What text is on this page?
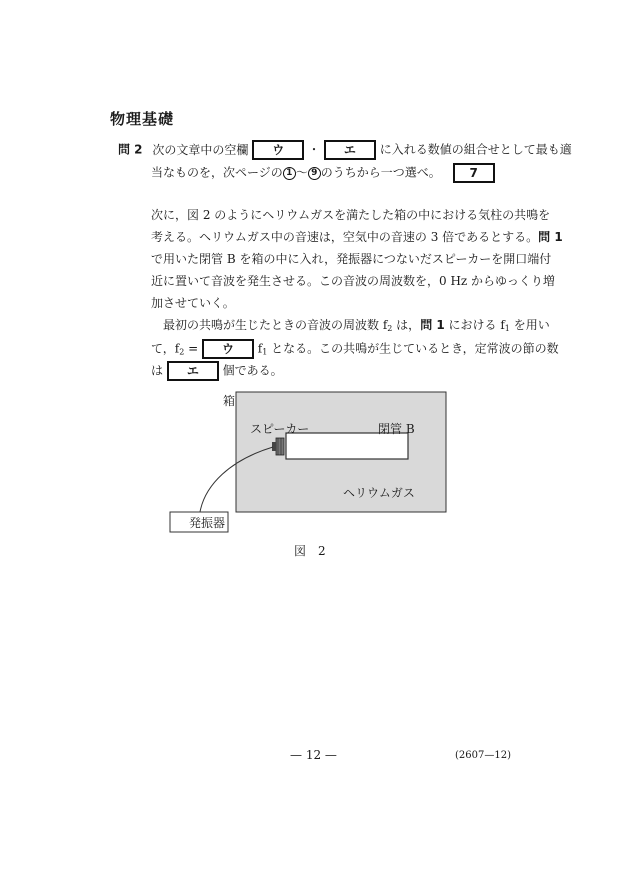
物理基礎
問 2 次の文章中の空欄 ウ ・ エ に入れる数値の組合せとして最も適
当なものを，次ページの 1 〜 9 のうちから一つ選べ。 7
次に，図 2 のようにヘリウムガスを満たした箱の中における気柱の共鳴を
考える。ヘリウムガス中の音速は，空気中の音速の 3 倍であるとする。問 1
で用いた閉管 B を箱の中に入れ，発振器につないだスピーカーを開口端付
近に置いて音波を発生させる。この音波の周波数を，0 Hz からゆっくり増
加させていく。
最初の共鳴が生じたときの音波の周波数 $f_2$ は，問 1 における $f_1$ を用い
て，$f_2$ = ウ $f_1$ となる。この共鳴が生じているとき，定常波の節の数
は エ 個である。
箱
スピーカー	閉管 B
ヘリウムガス
発振器
図　2
— 12 —	(2607—12)
